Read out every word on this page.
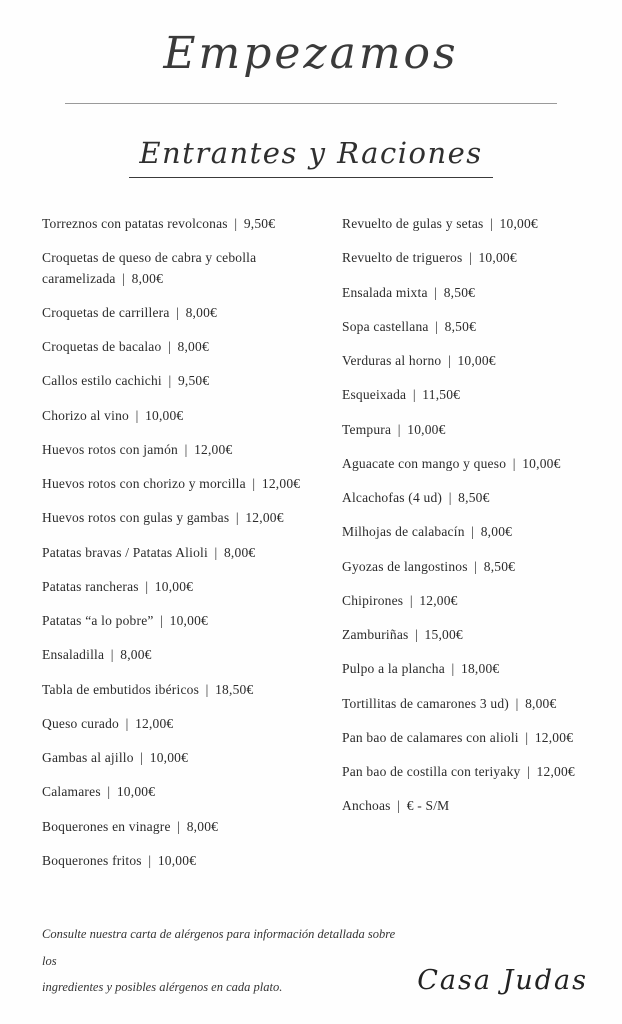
Empezamos
Entrantes y Raciones
Torreznos con patatas revolconas | 9,50€
Croquetas de queso de cabra y cebolla caramelizada | 8,00€
Croquetas de carrillera | 8,00€
Croquetas de bacalao | 8,00€
Callos estilo cachichi | 9,50€
Chorizo al vino | 10,00€
Huevos rotos con jamón | 12,00€
Huevos rotos con chorizo y morcilla | 12,00€
Huevos rotos con gulas y gambas | 12,00€
Patatas bravas / Patatas Alioli | 8,00€
Patatas rancheras | 10,00€
Patatas “a lo pobre” | 10,00€
Ensaladilla | 8,00€
Tabla de embutidos ibéricos | 18,50€
Queso curado | 12,00€
Gambas al ajillo | 10,00€
Calamares | 10,00€
Boquerones en vinagre | 8,00€
Boquerones fritos | 10,00€
Revuelto de gulas y setas | 10,00€
Revuelto de trigueros | 10,00€
Ensalada mixta | 8,50€
Sopa castellana | 8,50€
Verduras al horno | 10,00€
Esqueixada | 11,50€
Tempura | 10,00€
Aguacate con mango y queso | 10,00€
Alcachofas (4 ud) | 8,50€
Milhojas de calabacín | 8,00€
Gyozas de langostinos | 8,50€
Chipirones | 12,00€
Zamburiñas | 15,00€
Pulpo a la plancha | 18,00€
Tortillitas de camarones 3 ud) | 8,00€
Pan bao de calamares con alioli | 12,00€
Pan bao de costilla con teriyaky | 12,00€
Anchoas | € - S/M

Consulte nuestra carta de alérgenos para información detallada sobre los
ingredientes y posibles alérgenos en cada plato.	Casa Judas
